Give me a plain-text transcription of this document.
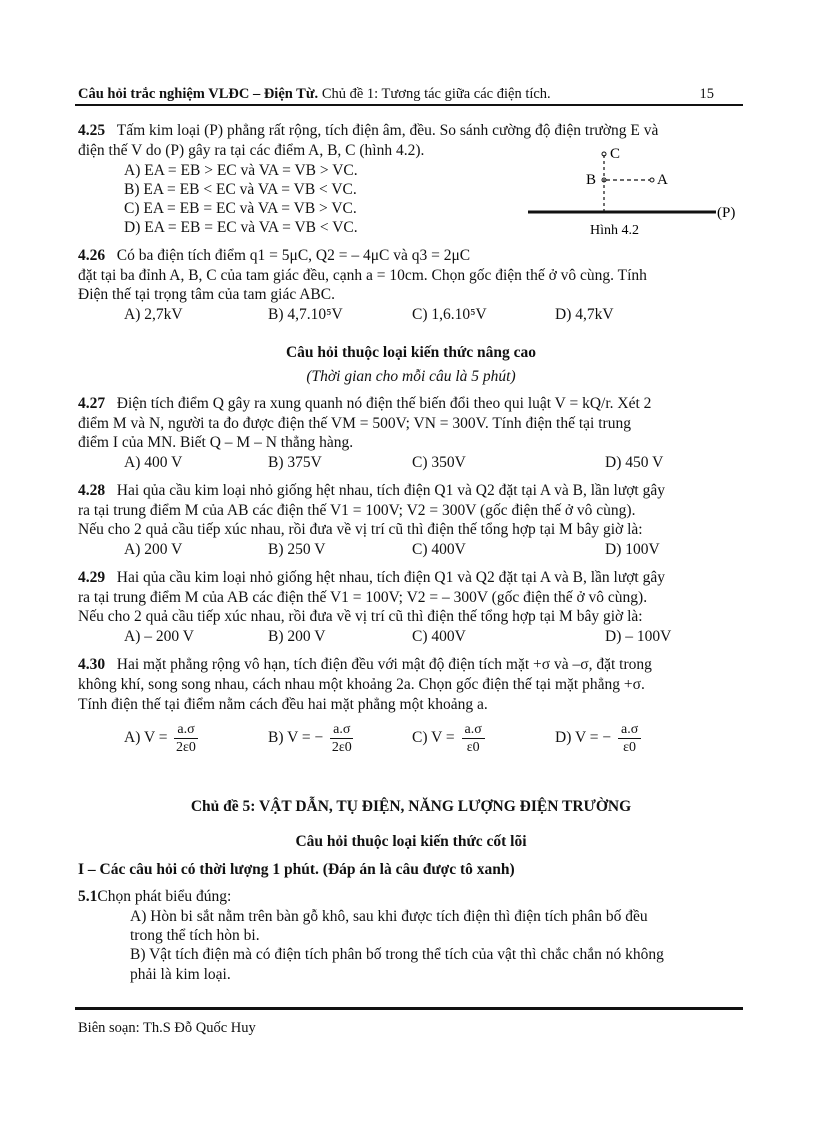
Câu hỏi trắc nghiệm VLĐC – Điện Từ. Chủ đề 1: Tương tác giữa các điện tích.	15
4.25 Tấm kim loại (P) phẳng rất rộng, tích điện âm, đều. So sánh cường độ điện trường E và
điện thế V do (P) gây ra tại các điểm A, B, C (hình 4.2).
A) EA = EB > EC và VA = VB > VC.
B) EA = EB < EC và VA = VB < VC.
C) EA = EB = EC và VA = VB > VC.
D) EA = EB = EC và VA = VB < VC.
C
B	A
(P)
Hình 4.2
4.26 Có ba điện tích điểm q1 = 5μC, Q2 = – 4μC và q3 = 2μC
đặt tại ba đỉnh A, B, C của tam giác đều, cạnh a = 10cm. Chọn gốc điện thế ở vô cùng. Tính
Điện thế tại trọng tâm của tam giác ABC.
A) 2,7kV	B) 4,7.10⁵V	C) 1,6.10⁵V	D) 4,7kV
Câu hỏi thuộc loại kiến thức nâng cao
(Thời gian cho mỗi câu là 5 phút)
4.27 Điện tích điểm Q gây ra xung quanh nó điện thế biến đổi theo qui luật V = kQ/r. Xét 2
điểm M và N, người ta đo được điện thế VM = 500V; VN = 300V. Tính điện thế tại trung
điểm I của MN. Biết Q – M – N thẳng hàng.
A) 400 V	B) 375V	C) 350V	D) 450 V
4.28 Hai qủa cầu kim loại nhỏ giống hệt nhau, tích điện Q1 và Q2 đặt tại A và B, lần lượt gây
ra tại trung điểm M của AB các điện thế V1 = 100V; V2 = 300V (gốc điện thế ở vô cùng).
Nếu cho 2 quả cầu tiếp xúc nhau, rồi đưa về vị trí cũ thì điện thế tổng hợp tại M bây giờ là:
A) 200 V	B) 250 V	C) 400V	D) 100V
4.29 Hai qủa cầu kim loại nhỏ giống hệt nhau, tích điện Q1 và Q2 đặt tại A và B, lần lượt gây
ra tại trung điểm M của AB các điện thế V1 = 100V; V2 = – 300V (gốc điện thế ở vô cùng).
Nếu cho 2 quả cầu tiếp xúc nhau, rồi đưa về vị trí cũ thì điện thế tổng hợp tại M bây giờ là:
A) – 200 V	B) 200 V	C) 400V	D) – 100V
4.30 Hai mặt phẳng rộng vô hạn, tích điện đều với mật độ điện tích mặt +σ và –σ, đặt trong
không khí, song song nhau, cách nhau một khoảng 2a. Chọn gốc điện thế tại mặt phẳng +σ.
Tính điện thế tại điểm nằm cách đều hai mặt phẳng một khoảng a.
A) $V = \frac{a.\sigma}{2\varepsilon 0}$	B) V = − $\frac{a.\sigma}{2\varepsilon 0}$	C) $V = \frac{a.\sigma}{\varepsilon 0}$	D) V = − $\frac{a.\sigma}{\varepsilon 0}$
Chủ đề 5: VẬT DẪN, TỤ ĐIỆN, NĂNG LƯỢNG ĐIỆN TRƯỜNG
Câu hỏi thuộc loại kiến thức cốt lõi
I – Các câu hỏi có thời lượng 1 phút. (Đáp án là câu được tô xanh)
5.1Chọn phát biểu đúng:
A) Hòn bi sắt nằm trên bàn gỗ khô, sau khi được tích điện thì điện tích phân bố đều
trong thể tích hòn bi.
B) Vật tích điện mà có điện tích phân bố trong thể tích của vật thì chắc chắn nó không
phải là kim loại.
Biên soạn: Th.S Đỗ Quốc Huy
